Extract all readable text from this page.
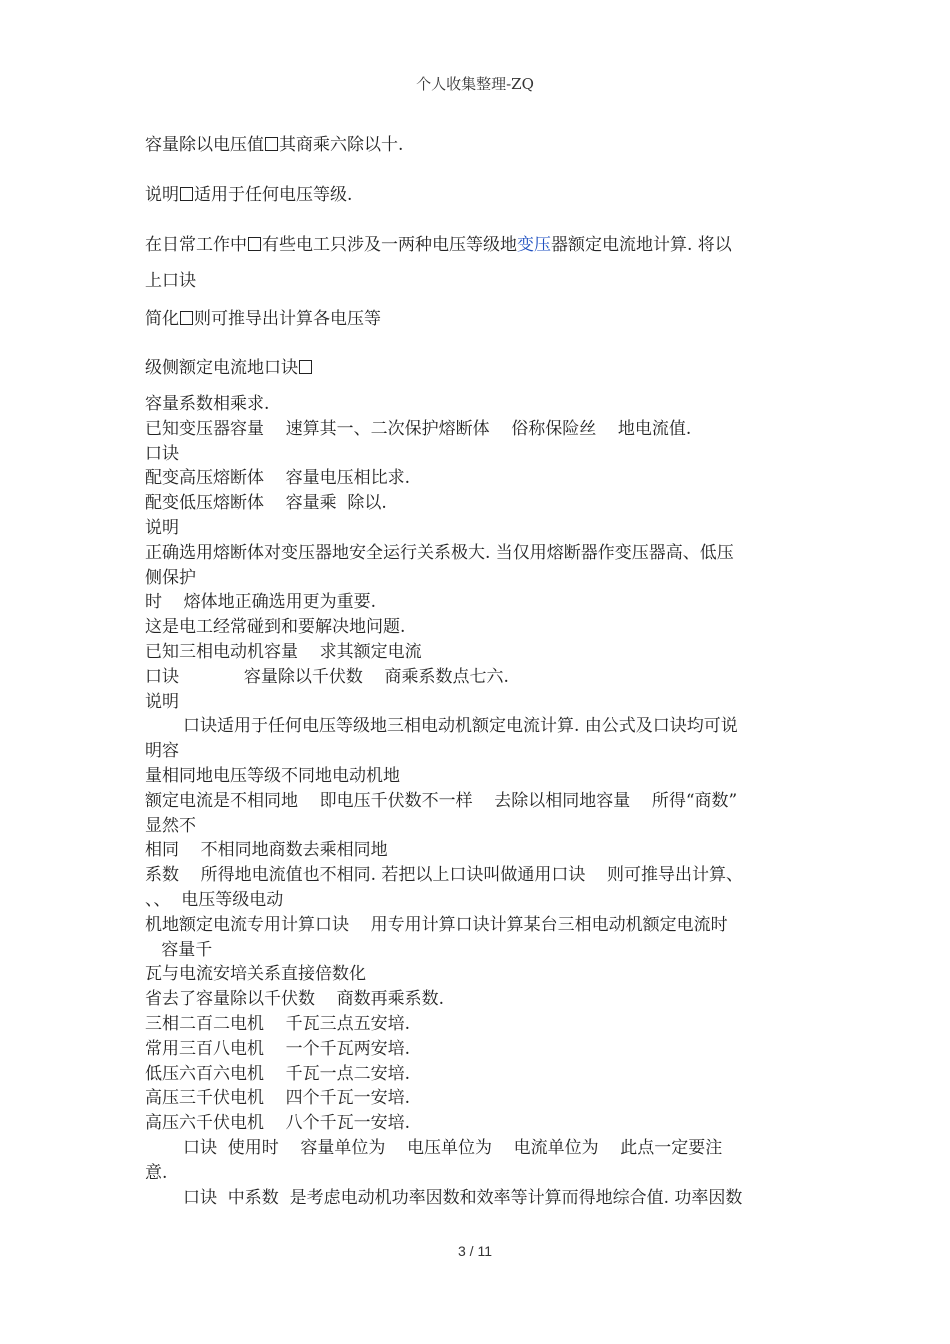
个人收集整理-ZQ
容量除以电压值 其商乘六除以十.
说明 适用于任何电压等级.
在日常工作中 有些电工只涉及一两种电压等级地变压器额定电流地计算. 将以
上口诀
简化 则可推导出计算各电压等
级侧额定电流地口诀
容量系数相乘求.
已知变压器容量    速算其一、二次保护熔断体    俗称保险丝    地电流值.
口诀
配变高压熔断体    容量电压相比求.
配变低压熔断体    容量乘  除以.
说明
正确选用熔断体对变压器地安全运行关系极大. 当仅用熔断器作变压器高、低压
侧保护
时    熔体地正确选用更为重要.
这是电工经常碰到和要解决地问题.
已知三相电动机容量    求其额定电流
口诀            容量除以千伏数    商乘系数点七六.
说明
口诀适用于任何电压等级地三相电动机额定电流计算. 由公式及口诀均可说
明容
量相同地电压等级不同地电动机地
额定电流是不相同地    即电压千伏数不一样    去除以相同地容量    所得“商数”
显然不
相同    不相同地商数去乘相同地
系数    所得地电流值也不相同. 若把以上口诀叫做通用口诀    则可推导出计算、
、、  电压等级电动
机地额定电流专用计算口诀    用专用计算口诀计算某台三相电动机额定电流时
容量千
瓦与电流安培关系直接倍数化
省去了容量除以千伏数    商数再乘系数.
三相二百二电机    千瓦三点五安培.
常用三百八电机    一个千瓦两安培.
低压六百六电机    千瓦一点二安培.
高压三千伏电机    四个千瓦一安培.
高压六千伏电机    八个千瓦一安培.
口诀  使用时    容量单位为    电压单位为    电流单位为    此点一定要注
意.
口诀  中系数  是考虑电动机功率因数和效率等计算而得地综合值. 功率因数
3 / 11
